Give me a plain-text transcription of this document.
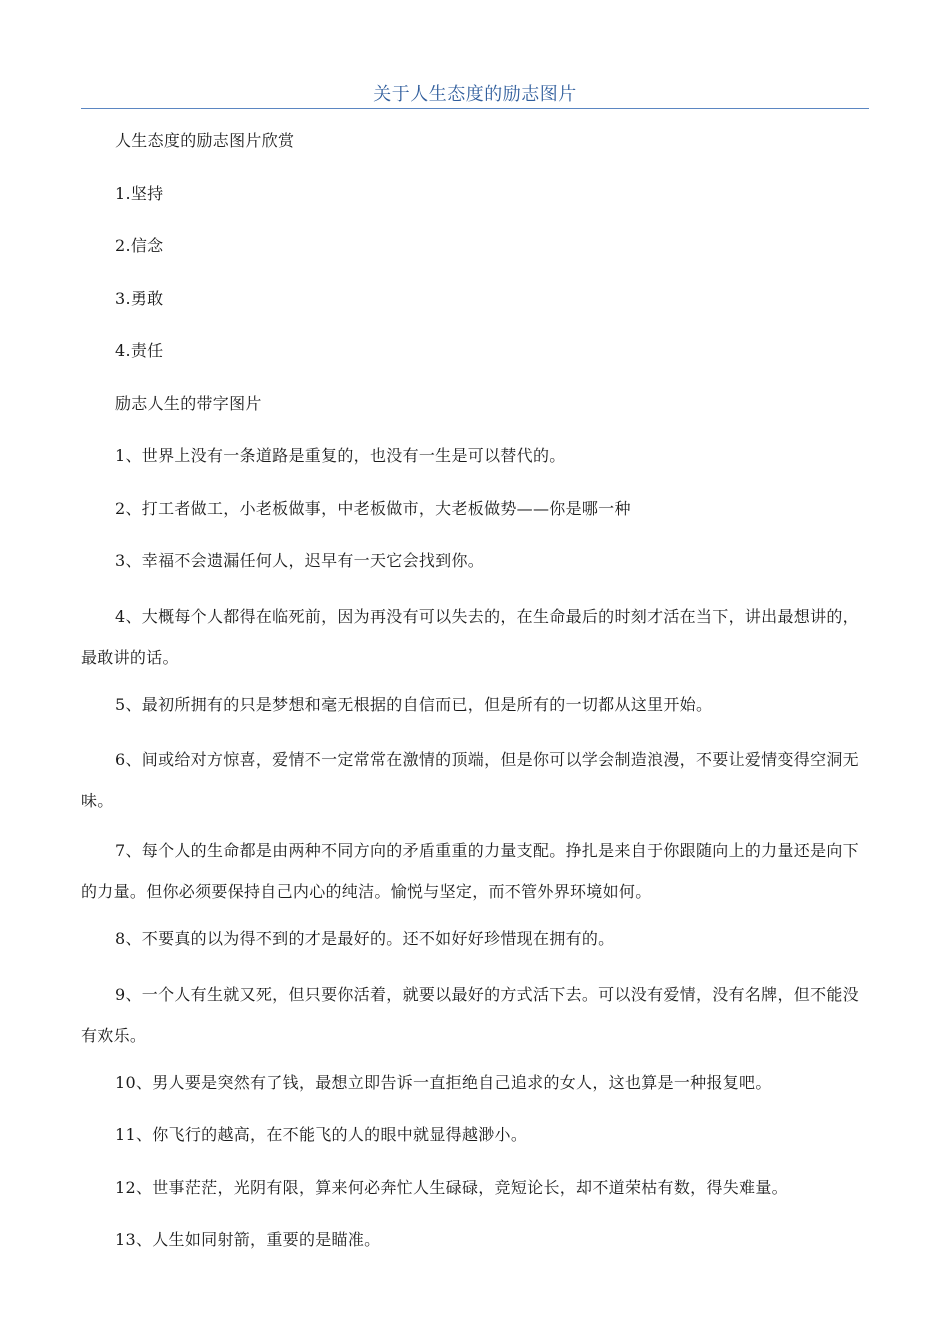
关于人生态度的励志图片

人生态度的励志图片欣赏

1.坚持

2.信念

3.勇敢

4.责任

励志人生的带字图片

1、世界上没有一条道路是重复的，也没有一生是可以替代的。

2、打工者做工，小老板做事，中老板做市，大老板做势——你是哪一种

3、幸福不会遗漏任何人，迟早有一天它会找到你。

4、大概每个人都得在临死前，因为再没有可以失去的，在生命最后的时刻才活在当下，讲出最想讲的，最敢讲的话。

5、最初所拥有的只是梦想和毫无根据的自信而已，但是所有的一切都从这里开始。

6、间或给对方惊喜，爱情不一定常常在激情的顶端，但是你可以学会制造浪漫，不要让爱情变得空洞无味。

7、每个人的生命都是由两种不同方向的矛盾重重的力量支配。挣扎是来自于你跟随向上的力量还是向下的力量。但你必须要保持自己内心的纯洁。愉悦与坚定，而不管外界环境如何。

8、不要真的以为得不到的才是最好的。还不如好好珍惜现在拥有的。

9、一个人有生就又死，但只要你活着，就要以最好的方式活下去。可以没有爱情，没有名牌，但不能没有欢乐。

10、男人要是突然有了钱，最想立即告诉一直拒绝自己追求的女人，这也算是一种报复吧。

11、你飞行的越高，在不能飞的人的眼中就显得越渺小。

12、世事茫茫，光阴有限，算来何必奔忙人生碌碌，竞短论长，却不道荣枯有数，得失难量。

13、人生如同射箭，重要的是瞄准。
